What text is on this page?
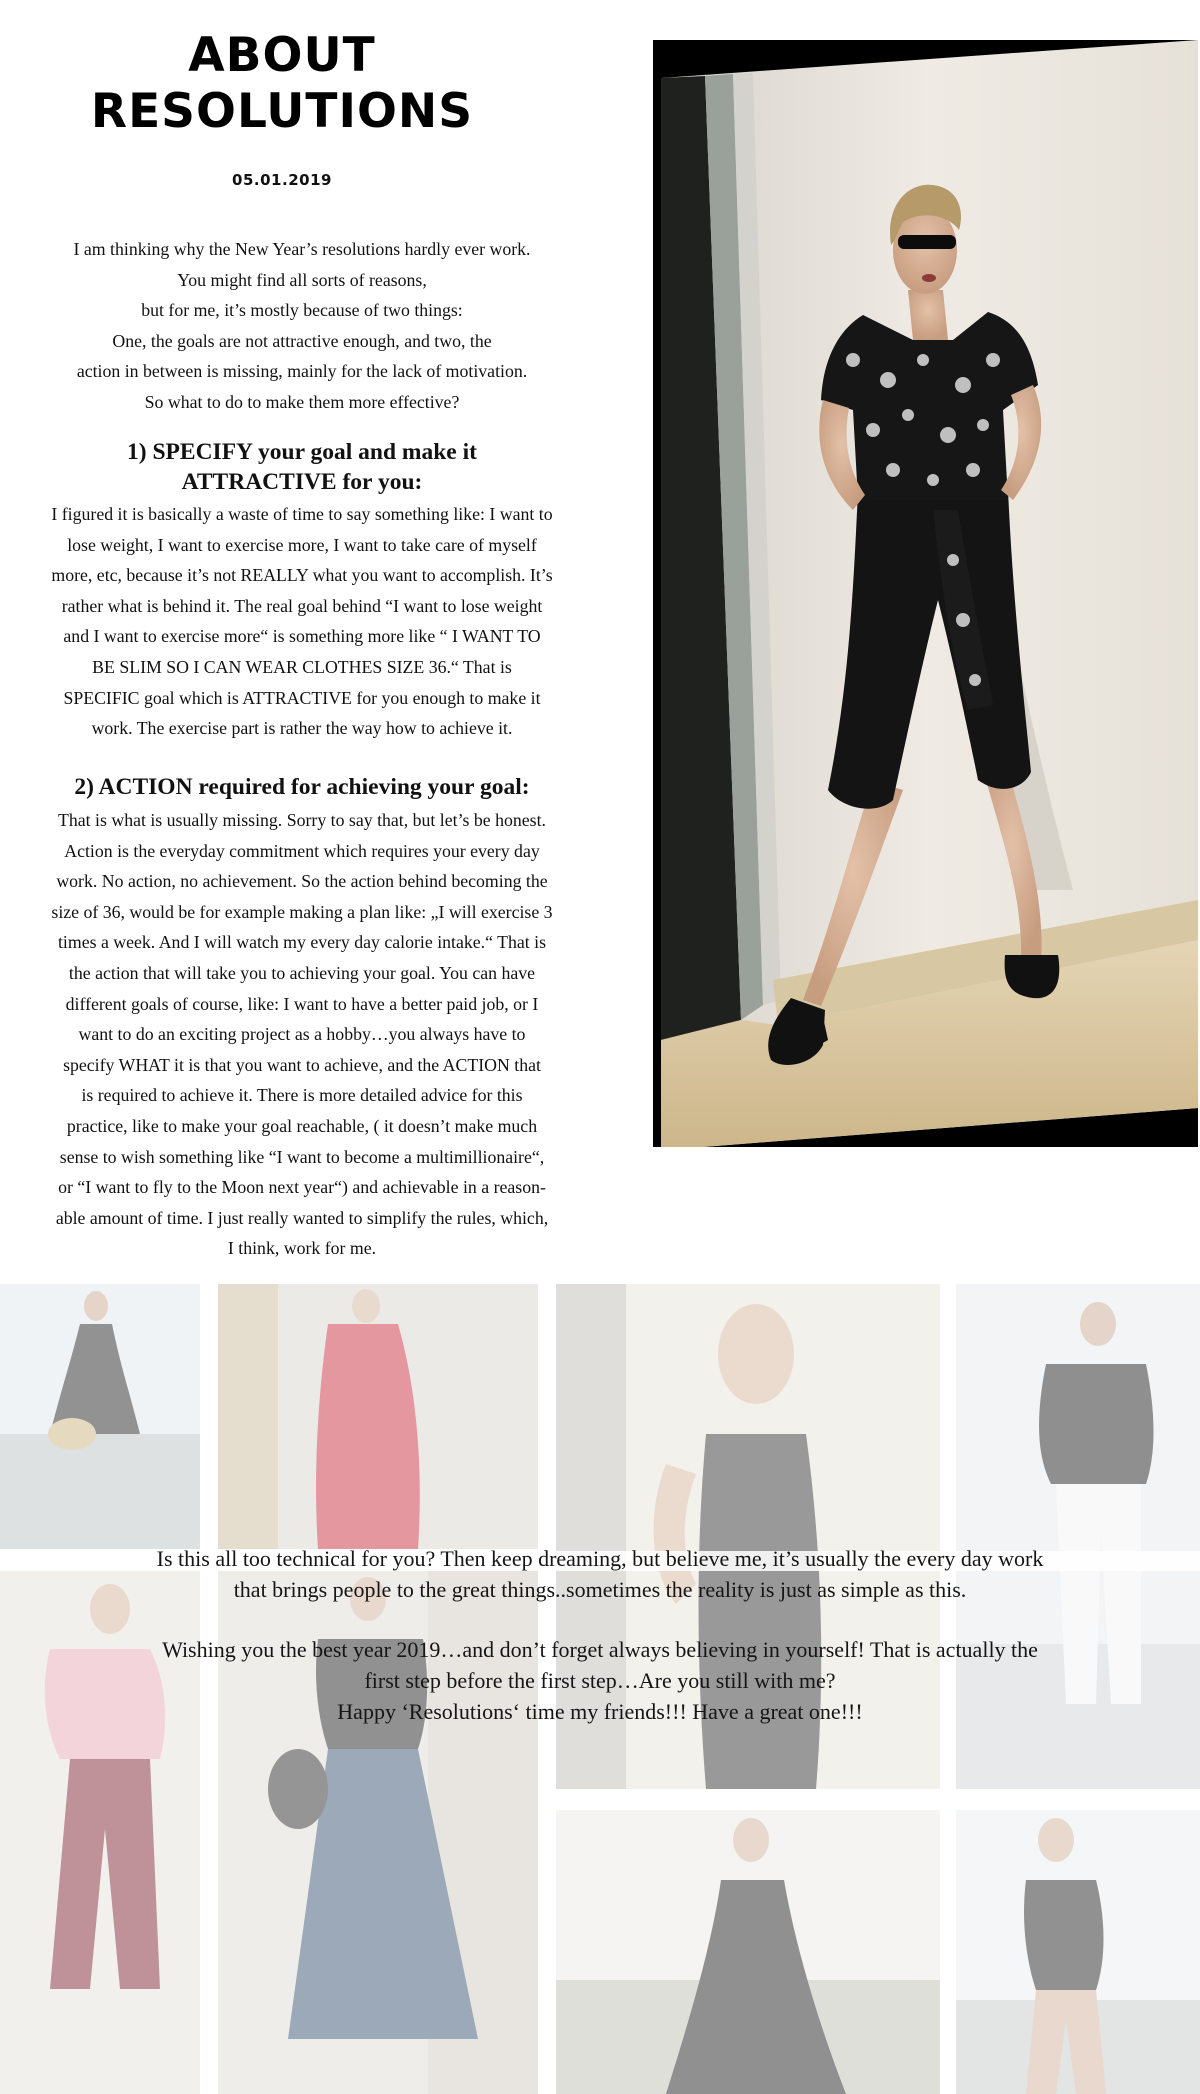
ABOUT
RESOLUTIONS
05.01.2019

I am thinking why the New Year’s resolutions hardly ever work.
You might find all sorts of reasons,
but for me, it’s mostly because of two things:
One, the goals are not attractive enough, and two, the
action in between is missing, mainly for the lack of motivation.
So what to do to make them more effective?

1) SPECIFY your goal and make it
ATTRACTIVE for you:

I figured it is basically a waste of time to say something like: I want to
lose weight, I want to exercise more, I want to take care of myself
more, etc, because it’s not REALLY what you want to accomplish. It’s
rather what is behind it. The real goal behind “I want to lose weight
and I want to exercise more“ is something more like “ I WANT TO
BE SLIM SO I CAN WEAR CLOTHES SIZE 36.“ That is
SPECIFIC goal which is ATTRACTIVE for you enough to make it
work. The exercise part is rather the way how to achieve it.

2) ACTION required for achieving your goal:

That is what is usually missing. Sorry to say that, but let’s be honest.
Action is the everyday commitment which requires your every day
work. No action, no achievement. So the action behind becoming the
size of 36, would be for example making a plan like: „I will exercise 3
times a week. And I will watch my every day calorie intake.“ That is
the action that will take you to achieving your goal. You can have
different goals of course, like: I want to have a better paid job, or I
want to do an exciting project as a hobby…you always have to
specify WHAT it is that you want to achieve, and the ACTION that
is required to achieve it. There is more detailed advice for this
practice, like to make your goal reachable, ( it doesn’t make much
sense to wish something like “I want to become a multimillionaire“,
or “I want to fly to the Moon next year“) and achievable in a reason-
able amount of time. I just really wanted to simplify the rules, which,
I think, work for me.

Is this all too technical for you? Then keep dreaming, but believe me, it’s usually the every day work
that brings people to the great things..sometimes the reality is just as simple as this.

Wishing you the best year 2019…and don’t forget always believing in yourself! That is actually the
first step before the first step…Are you still with me?
Happy ‘Resolutions‘ time my friends!!! Have a great one!!!
